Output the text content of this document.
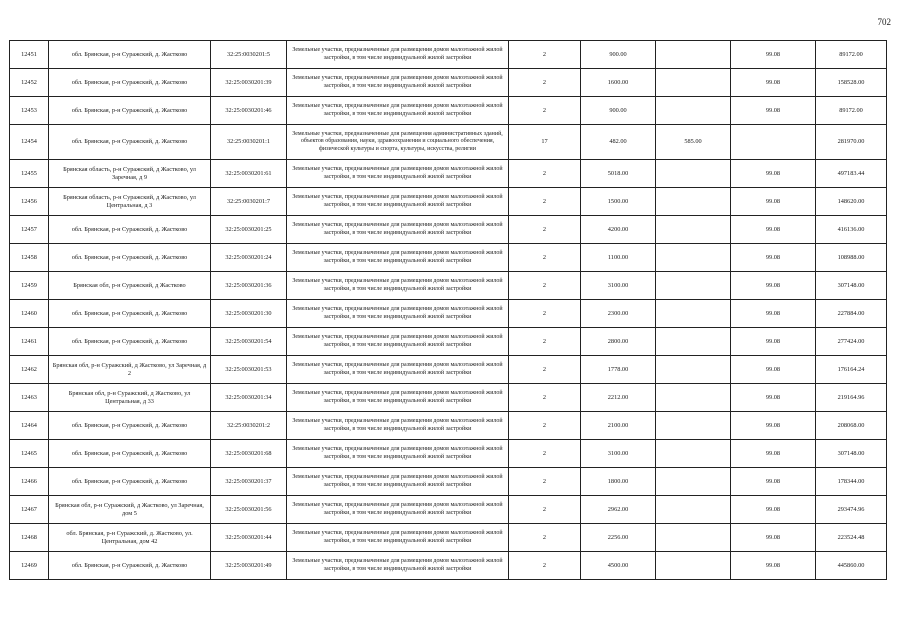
702
12451	обл. Брянская, р-н Суражский, д. Жастково	32:25:0030201:5	Земельные участки, предназначенные для размещения домов малоэтажной жилой застройки, в том числе индивидуальной жилой застройки	2	900.00		99.08	89172.00
12452	обл. Брянская, р-н Суражский, д. Жастково	32:25:0030201:39	Земельные участки, предназначенные для размещения домов малоэтажной жилой застройки, в том числе индивидуальной жилой застройки	2	1600.00		99.08	158528.00
12453	обл. Брянская, р-н Суражский, д. Жастково	32:25:0030201:46	Земельные участки, предназначенные для размещения домов малоэтажной жилой застройки, в том числе индивидуальной жилой застройки	2	900.00		99.08	89172.00
12454	обл. Брянская, р-н Суражский, д. Жастково	32:25:0030201:1	Земельные участки, предназначенные для размещения административных зданий, объектов образования, науки, здравоохранения и социального обеспечения, физической культуры и спорта, культуры, искусства, религии	17	482.00	585.00		281970.00
12455	Брянская область, р-н Суражский, д Жастково, ул Заречная, д 9	32:25:0030201:61	Земельные участки, предназначенные для размещения домов малоэтажной жилой застройки, в том числе индивидуальной жилой застройки	2	5018.00		99.08	497183.44
12456	Брянская область, р-н Суражский, д Жастково, ул Центральная, д 3	32:25:0030201:7	Земельные участки, предназначенные для размещения домов малоэтажной жилой застройки, в том числе индивидуальной жилой застройки	2	1500.00		99.08	148620.00
12457	обл. Брянская, р-н Суражский, д. Жастково	32:25:0030201:25	Земельные участки, предназначенные для размещения домов малоэтажной жилой застройки, в том числе индивидуальной жилой застройки	2	4200.00		99.08	416136.00
12458	обл. Брянская, р-н Суражский, д. Жастково	32:25:0030201:24	Земельные участки, предназначенные для размещения домов малоэтажной жилой застройки, в том числе индивидуальной жилой застройки	2	1100.00		99.08	108988.00
12459	Брянская обл, р-н Суражский, д Жастково	32:25:0030201:36	Земельные участки, предназначенные для размещения домов малоэтажной жилой застройки, в том числе индивидуальной жилой застройки	2	3100.00		99.08	307148.00
12460	обл. Брянская, р-н Суражский, д. Жастково	32:25:0030201:30	Земельные участки, предназначенные для размещения домов малоэтажной жилой застройки, в том числе индивидуальной жилой застройки	2	2300.00		99.08	227884.00
12461	обл. Брянская, р-н Суражский, д. Жастково	32:25:0030201:54	Земельные участки, предназначенные для размещения домов малоэтажной жилой застройки, в том числе индивидуальной жилой застройки	2	2800.00		99.08	277424.00
12462	Брянская обл, р-н Суражский, д Жастково, ул Заречная, д 2	32:25:0030201:53	Земельные участки, предназначенные для размещения домов малоэтажной жилой застройки, в том числе индивидуальной жилой застройки	2	1778.00		99.08	176164.24
12463	Брянская обл, р-н Суражский, д Жастково, ул Центральная, д 33	32:25:0030201:34	Земельные участки, предназначенные для размещения домов малоэтажной жилой застройки, в том числе индивидуальной жилой застройки	2	2212.00		99.08	219164.96
12464	обл. Брянская, р-н Суражский, д. Жастково	32:25:0030201:2	Земельные участки, предназначенные для размещения домов малоэтажной жилой застройки, в том числе индивидуальной жилой застройки	2	2100.00		99.08	208068.00
12465	обл. Брянская, р-н Суражский, д. Жастково	32:25:0030201:68	Земельные участки, предназначенные для размещения домов малоэтажной жилой застройки, в том числе индивидуальной жилой застройки	2	3100.00		99.08	307148.00
12466	обл. Брянская, р-н Суражский, д. Жастково	32:25:0030201:37	Земельные участки, предназначенные для размещения домов малоэтажной жилой застройки, в том числе индивидуальной жилой застройки	2	1800.00		99.08	178344.00
12467	Брянская обл, р-н Суражский, д Жастково, ул Заречная, дом 5	32:25:0030201:56	Земельные участки, предназначенные для размещения домов малоэтажной жилой застройки, в том числе индивидуальной жилой застройки	2	2962.00		99.08	293474.96
12468	обл. Брянская, р-н Суражский, д. Жастково, ул. Центральная, дом 42	32:25:0030201:44	Земельные участки, предназначенные для размещения домов малоэтажной жилой застройки, в том числе индивидуальной жилой застройки	2	2256.00		99.08	223524.48
12469	обл. Брянская, р-н Суражский, д. Жастково	32:25:0030201:49	Земельные участки, предназначенные для размещения домов малоэтажной жилой застройки, в том числе индивидуальной жилой застройки	2	4500.00		99.08	445860.00
